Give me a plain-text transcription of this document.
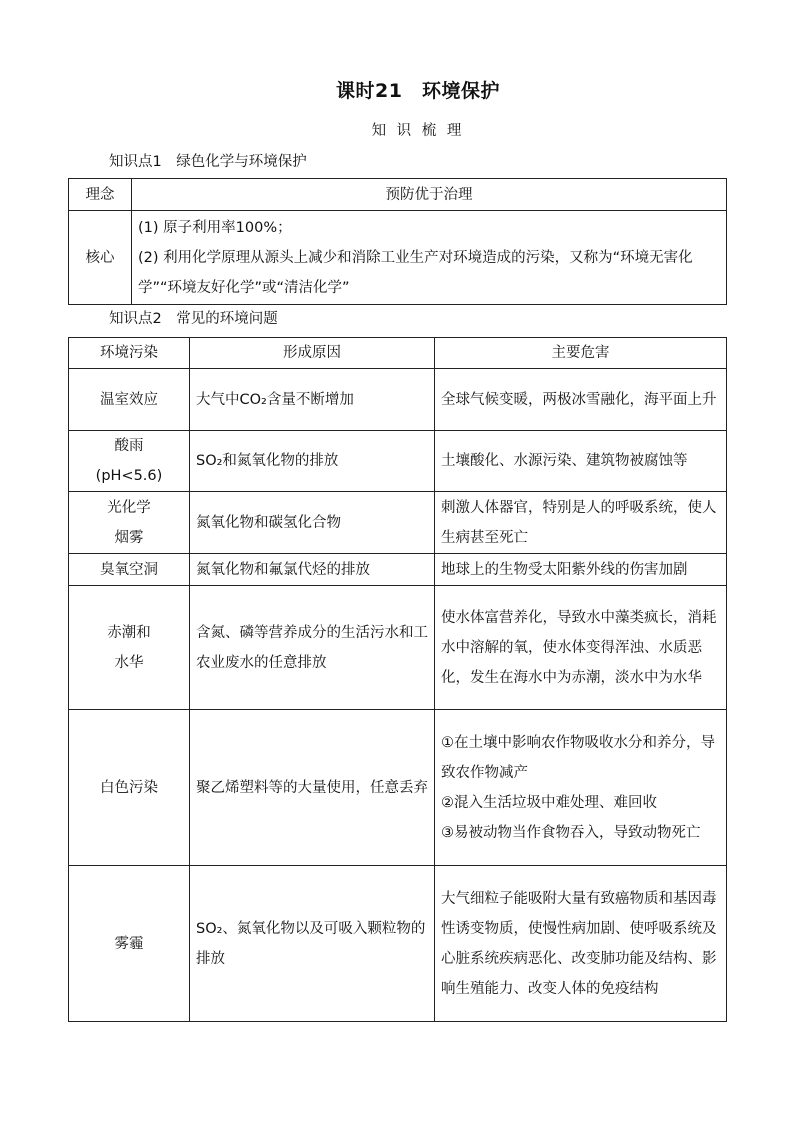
课时21　环境保护
知 识 梳 理
知识点1　绿色化学与环境保护
理念	预防优于治理

核心	(1) 原子利用率100%；
(2) 利用化学原理从源头上减少和消除工业生产对环境造成的污染，又称为“环境无害化学”“环境友好化学”或“清洁化学”
知识点2　常见的环境问题
环境污染	形成原因	主要危害

温室效应	大气中CO₂含量不断增加	全球气候变暖，两极冰雪融化，海平面上升

酸雨
(pH<5.6)	SO₂和氮氧化物的排放	土壤酸化、水源污染、建筑物被腐蚀等

光化学
烟雾	氮氧化物和碳氢化合物	刺激人体器官，特别是人的呼吸系统，使人生病甚至死亡

臭氧空洞	氮氧化物和氟氯代烃的排放	地球上的生物受太阳紫外线的伤害加剧

赤潮和
水华	含氮、磷等营养成分的生活污水和工农业废水的任意排放	使水体富营养化，导致水中藻类疯长，消耗水中溶解的氧，使水体变得浑浊、水质恶化，发生在海水中为赤潮，淡水中为水华

白色污染	聚乙烯塑料等的大量使用，任意丢弃	①在土壤中影响农作物吸收水分和养分，导致农作物减产
②混入生活垃圾中难处理、难回收
③易被动物当作食物吞入，导致动物死亡

雾霾	SO₂、氮氧化物以及可吸入颗粒物的排放	大气细粒子能吸附大量有致癌物质和基因毒性诱变物质，使慢性病加剧、使呼吸系统及心脏系统疾病恶化、改变肺功能及结构、影响生殖能力、改变人体的免疫结构
